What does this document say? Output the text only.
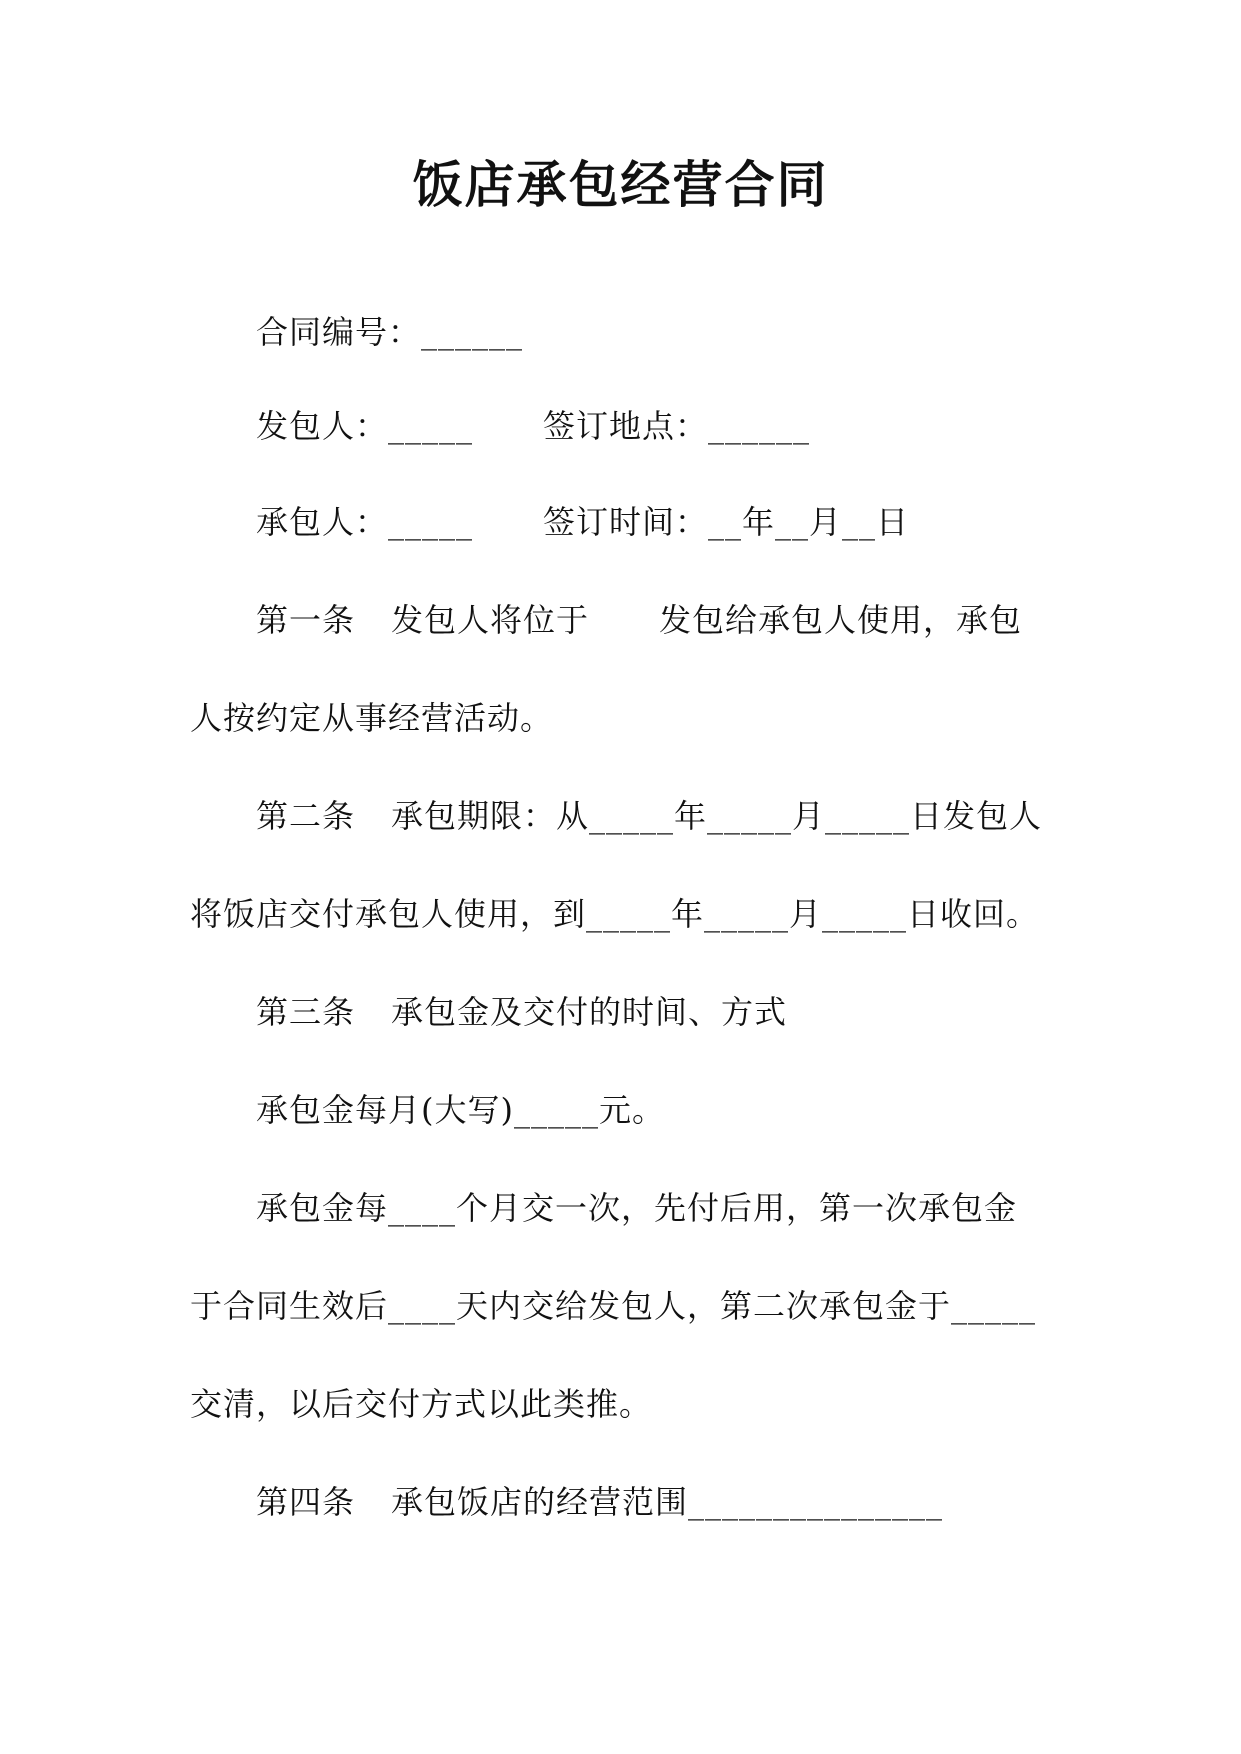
饭店承包经营合同
合同编号：______
发包人：_____ 签订地点：______
承包人：_____ 签订时间：__年__月__日
第一条 发包人将位于 发包给承包人使用，承包
人按约定从事经营活动。
第二条 承包期限：从_____年_____月_____日发包人
将饭店交付承包人使用，到_____年_____月_____日收回。
第三条 承包金及交付的时间、方式
承包金每月(大写)_____元。
承包金每____个月交一次，先付后用，第一次承包金
于合同生效后____天内交给发包人，第二次承包金于_____
交清，以后交付方式以此类推。
第四条 承包饭店的经营范围_______________
